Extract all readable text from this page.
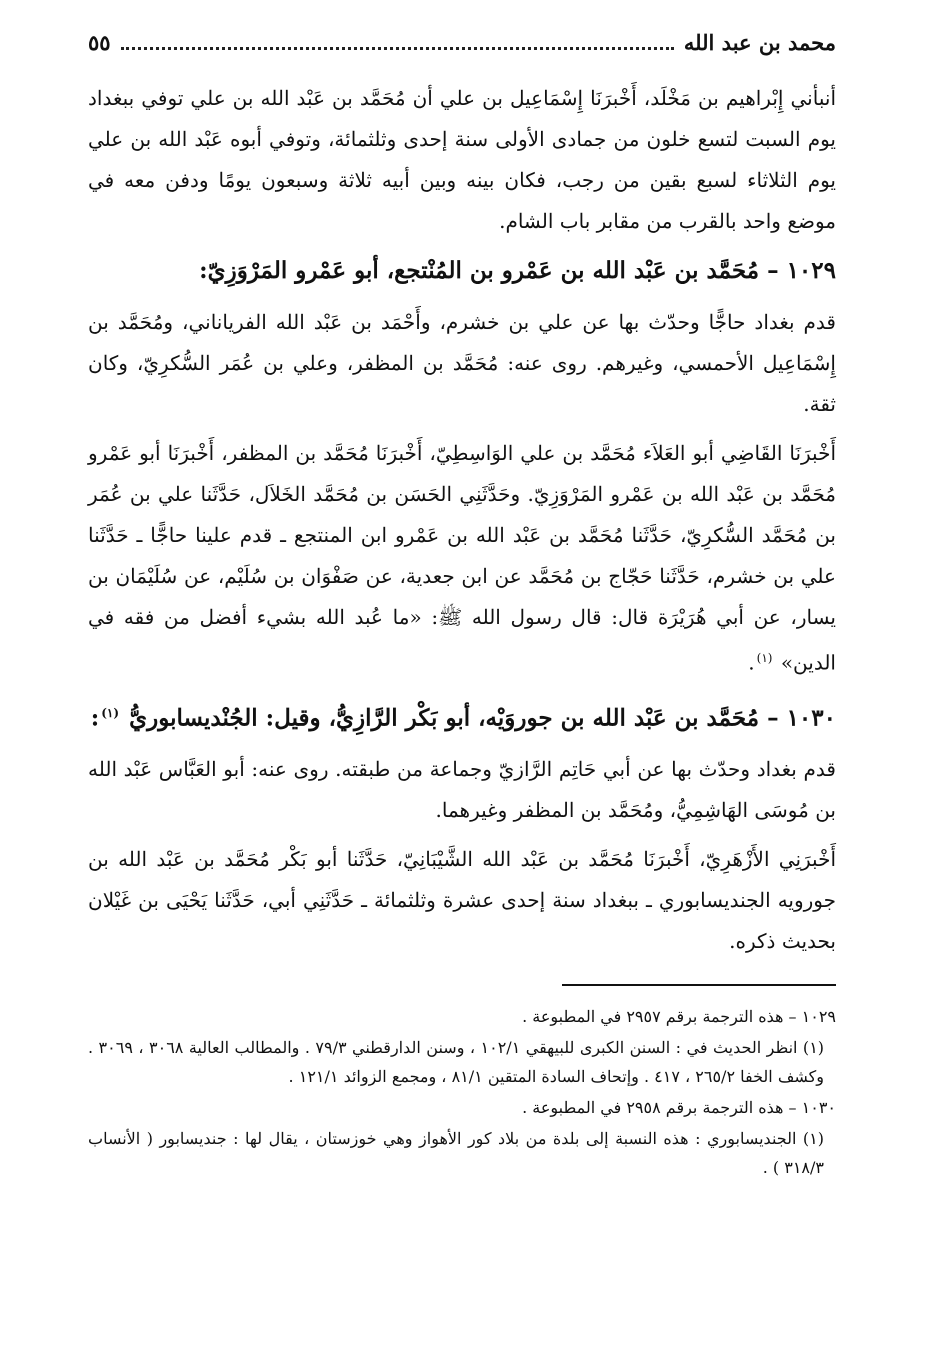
محمد بن عبد الله
٥٥

أنبأني إِبْراهيم بن مَخْلَد، أَخْبرَنَا إِسْمَاعِيل بن علي أن مُحَمَّد بن عَبْد الله بن علي توفي ببغداد يوم السبت لتسع خلون من جمادى الأولى سنة إحدى وثلثمائة، وتوفي أبوه عَبْد الله بن علي يوم الثلاثاء لسبع بقين من رجب، فكان بينه وبين أبيه ثلاثة وسبعون يومًا ودفن معه في موضع واحد بالقرب من مقابر باب الشام.

١٠٢٩ – مُحَمَّد بن عَبْد الله بن عَمْرو بن المُنْتجع، أبو عَمْرو المَرْوَزِيّ:

قدم بغداد حاجًّا وحدّث بها عن علي بن خشرم، وأَحْمَد بن عَبْد الله الفرياناني، ومُحَمَّد بن إِسْمَاعِيل الأحمسي، وغيرهم. روى عنه: مُحَمَّد بن المظفر، وعلي بن عُمَر السُّكرِيّ، وكان ثقة.

أَخْبرَنَا القَاضِي أبو العَلاَء مُحَمَّد بن علي الوَاسِطِيّ، أَخْبرَنَا مُحَمَّد بن المظفر، أَخْبرَنَا أبو عَمْرو مُحَمَّد بن عَبْد الله بن عَمْرو المَرْوَزِيّ. وحَدَّثَنِي الحَسَن بن مُحَمَّد الخَلاَل، حَدَّثَنا علي بن عُمَر بن مُحَمَّد السُّكرِيّ، حَدَّثَنا مُحَمَّد بن عَبْد الله بن عَمْرو ابن المنتجع ـ قدم علينا حاجًّا ـ حَدَّثَنا علي بن خشرم، حَدَّثَنا حَجّاج بن مُحَمَّد عن ابن جعدية، عن صَفْوَان بن سُلَيْم، عن سُلَيْمَان بن يسار، عن أبي هُرَيْرَة قال: قال رسول الله ﷺ: «ما عُبد الله بشيء أفضل من فقه في الدين» $^{(١)}$.

١٠٣٠ – مُحَمَّد بن عَبْد الله بن جوروَيْه، أبو بَكْر الرَّازِيُّ، وقيل: الجُنْديسابوريُّ $^{(١)}$:

قدم بغداد وحدّث بها عن أبي حَاتِم الرَّازيّ وجماعة من طبقته. روى عنه: أبو العَبَّاس عَبْد الله بن مُوسَى الهَاشِمِيُّ، ومُحَمَّد بن المظفر وغيرهما.

أَخْبرَنِي الأَزْهَرِيّ، أَخْبرَنَا مُحَمَّد بن عَبْد الله الشَّيْبَانِيّ، حَدَّثَنا أبو بَكْر مُحَمَّد بن عَبْد الله بن جورويه الجنديسابوري ـ ببغداد سنة إحدى عشرة وثلثمائة ـ حَدَّثَنِي أبي، حَدَّثَنا يَحْيَى بن غَيْلان بحديث ذكره.

١٠٢٩ – هذه الترجمة برقم ٢٩٥٧ في المطبوعة .

(١) انظر الحديث في : السنن الكبرى للبيهقي ١٠٢/١ ، وسنن الدارقطني ٧٩/٣ . والمطالب العالية ٣٠٦٨ ، ٣٠٦٩ . وكشف الخفا ٢٦٥/٢ ، ٤١٧ . وإتحاف السادة المتقين ٨١/١ ، ومجمع الزوائد ١٢١/١ .

١٠٣٠ – هذه الترجمة برقم ٢٩٥٨ في المطبوعة .

(١) الجنديسابوري : هذه النسبة إلى بلدة من بلاد كور الأهواز وهي خوزستان ، يقال لها : جنديسابور ( الأنساب ٣١٨/٣ ) .
